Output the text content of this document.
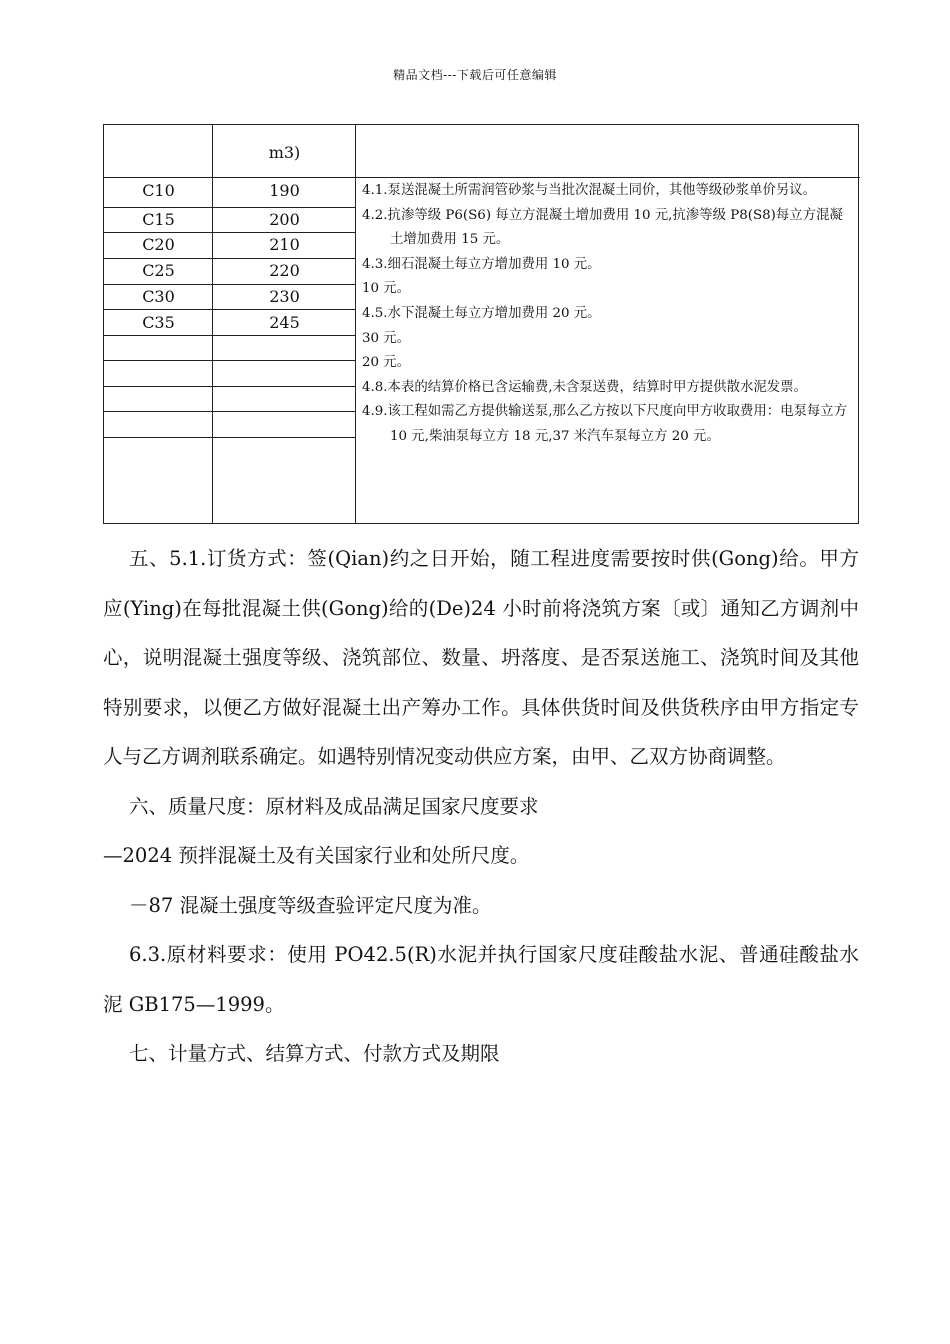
精品文档---下载后可任意编辑
m3)
C10	190
C15	200
C20	210
C25	220
C30	230
C35	245
4.1.泵送混凝土所需润管砂浆与当批次混凝土同价，其他等级砂浆单价另议。
4.2.抗渗等级 P6(S6) 每立方混凝土增加费用 10 元,抗渗等级 P8(S8)每立方混凝土增加费用 15 元。
4.3.细石混凝土每立方增加费用 10 元。
10 元。
4.5.水下混凝土每立方增加费用 20 元。
30 元。
20 元。
4.8.本表的结算价格已含运输费,未含泵送费，结算时甲方提供散水泥发票。
4.9.该工程如需乙方提供输送泵,那么乙方按以下尺度向甲方收取费用：电泵每立方 10 元,柴油泵每立方 18 元,37 米汽车泵每立方 20 元。

五、5.1.订货方式：签(Qian)约之日开始，随工程进度需要按时供(Gong)给。甲方应(Ying)在每批混凝土供(Gong)给的(De)24 小时前将浇筑方案〔或〕通知乙方调剂中心，说明混凝土强度等级、浇筑部位、数量、坍落度、是否泵送施工、浇筑时间及其他特别要求，以便乙方做好混凝土出产筹办工作。具体供货时间及供货秩序由甲方指定专人与乙方调剂联系确定。如遇特别情况变动供应方案，由甲、乙双方协商调整。

六、质量尺度：原材料及成品满足国家尺度要求

—2024 预拌混凝土及有关国家行业和处所尺度。

－87 混凝土强度等级查验评定尺度为准。

6.3.原材料要求：使用 PO42.5(R)水泥并执行国家尺度硅酸盐水泥、普通硅酸盐水泥 GB175—1999。

七、计量方式、结算方式、付款方式及期限
